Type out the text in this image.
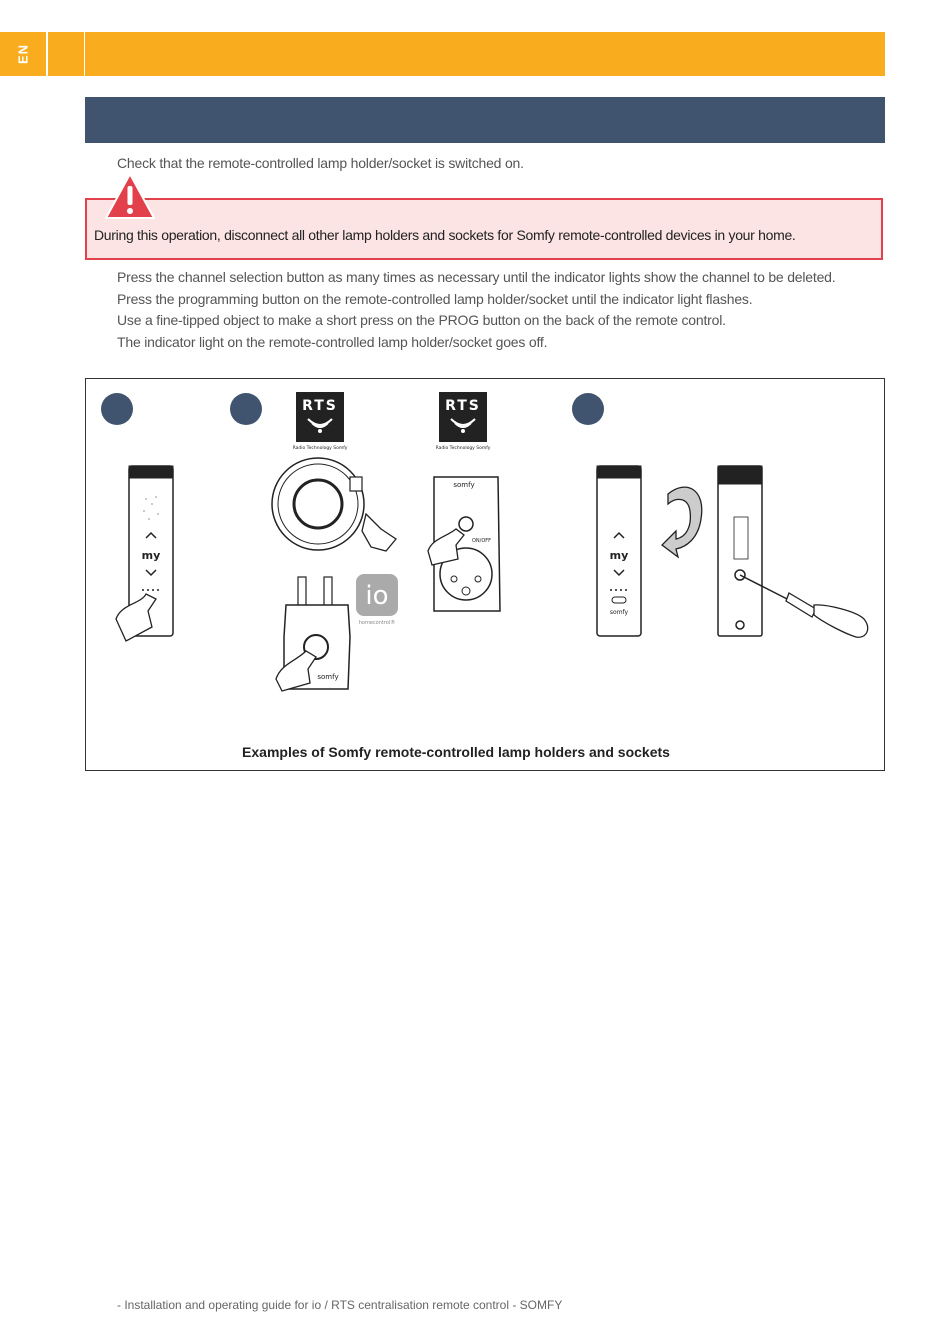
EN
Check that the remote-controlled lamp holder/socket is switched on.
During this operation, disconnect all other lamp holders and sockets for Somfy remote-controlled devices in your home.
Press the channel selection button as many times as necessary until the indicator lights show the channel to be deleted.
Press the programming button on the remote-controlled lamp holder/socket until the indicator light flashes.
Use a fine-tipped object to make a short press on the PROG button on the back of the remote control.
The indicator light on the remote-controlled lamp holder/socket goes off.
my
RTS
Radio Technology Somfy
somfy
io
homecontrol®
RTS
Radio Technology Somfy
somfy
ON/OFF
my
somfy
Examples of Somfy remote-controlled lamp holders and sockets
- Installation and operating guide for io / RTS centralisation remote control - SOMFY
